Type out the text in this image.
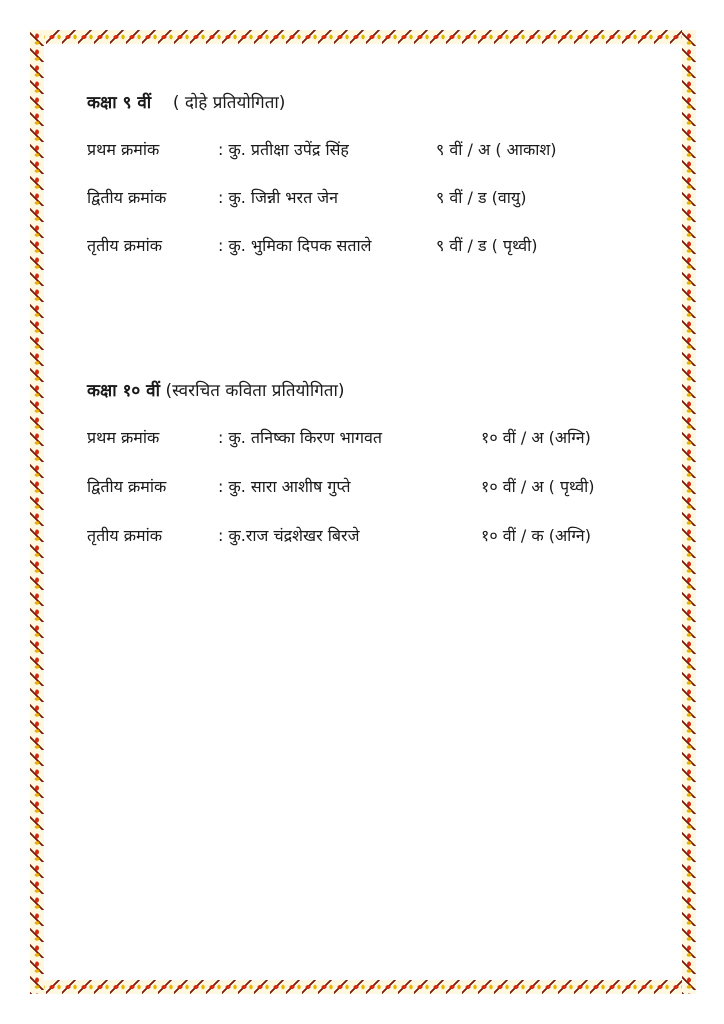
कक्षा ९ वीं ( दोहे प्रतियोगिता)
प्रथम क्रमांक	: कु. प्रतीक्षा उपेंद्र सिंह	९ वीं / अ ( आकाश)
द्वितीय क्रमांक	: कु. जिन्नी भरत जेन	९ वीं / ड (वायु)
तृतीय क्रमांक	: कु. भुमिका दिपक सताले	९ वीं / ड ( पृथ्वी)
कक्षा १० वीं (स्वरचित कविता प्रतियोगिता)
प्रथम क्रमांक	: कु. तनिष्का किरण भागवत	१० वीं / अ (अग्नि)
द्वितीय क्रमांक	: कु. सारा आशीष गुप्ते	१० वीं / अ ( पृथ्वी)
तृतीय क्रमांक	: कु.राज चंद्रशेखर बिरजे	१० वीं / क (अग्नि)
